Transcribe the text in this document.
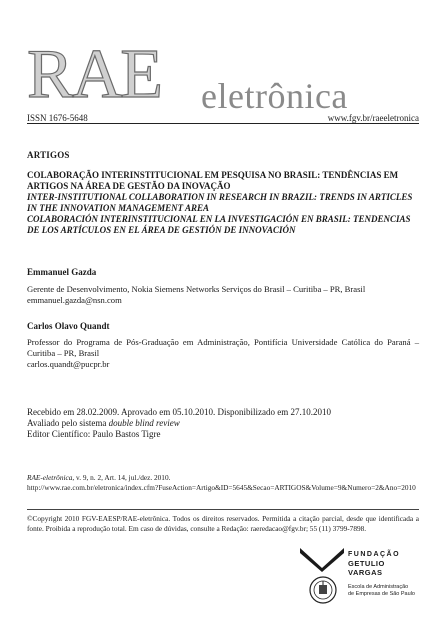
RAE eletrônica
ISSN 1676-5648	www.fgv.br/raeeletronica
ARTIGOS
COLABORAÇÃO INTERINSTITUCIONAL EM PESQUISA NO BRASIL: TENDÊNCIAS EM ARTIGOS NA ÁREA DE GESTÃO DA INOVAÇÃO
INTER-INSTITUTIONAL COLLABORATION IN RESEARCH IN BRAZIL: TRENDS IN ARTICLES IN THE INNOVATION MANAGEMENT AREA
COLABORACIÓN INTERINSTITUCIONAL EN LA INVESTIGACIÓN EN BRASIL: TENDENCIAS DE LOS ARTÍCULOS EN EL ÁREA DE GESTIÓN DE INNOVACIÓN
Emmanuel Gazda
Gerente de Desenvolvimento, Nokia Siemens Networks Serviços do Brasil – Curitiba – PR, Brasil
emmanuel.gazda@nsn.com
Carlos Olavo Quandt
Professor do Programa de Pós-Graduação em Administração, Pontifícia Universidade Católica do Paraná – Curitiba – PR, Brasil
carlos.quandt@pucpr.br
Recebido em 28.02.2009. Aprovado em 05.10.2010. Disponibilizado em 27.10.2010
Avaliado pelo sistema double blind review
Editor Científico: Paulo Bastos Tigre
RAE-eletrônica, v. 9, n. 2, Art. 14, jul./dez. 2010.
http://www.rae.com.br/eletronica/index.cfm?FuseAction=Artigo&ID=5645&Secao=ARTIGOS&Volume=9&Numero=2&Ano=2010
©Copyright 2010 FGV-EAESP/RAE-eletrônica. Todos os direitos reservados. Permitida a citação parcial, desde que identificada a fonte. Proibida a reprodução total. Em caso de dúvidas, consulte a Redação: raeredacao@fgv.br; 55 (11) 3799-7898.
FUNDAÇÃO
GETULIO VARGAS
Escola de Administração
de Empresas de São Paulo
